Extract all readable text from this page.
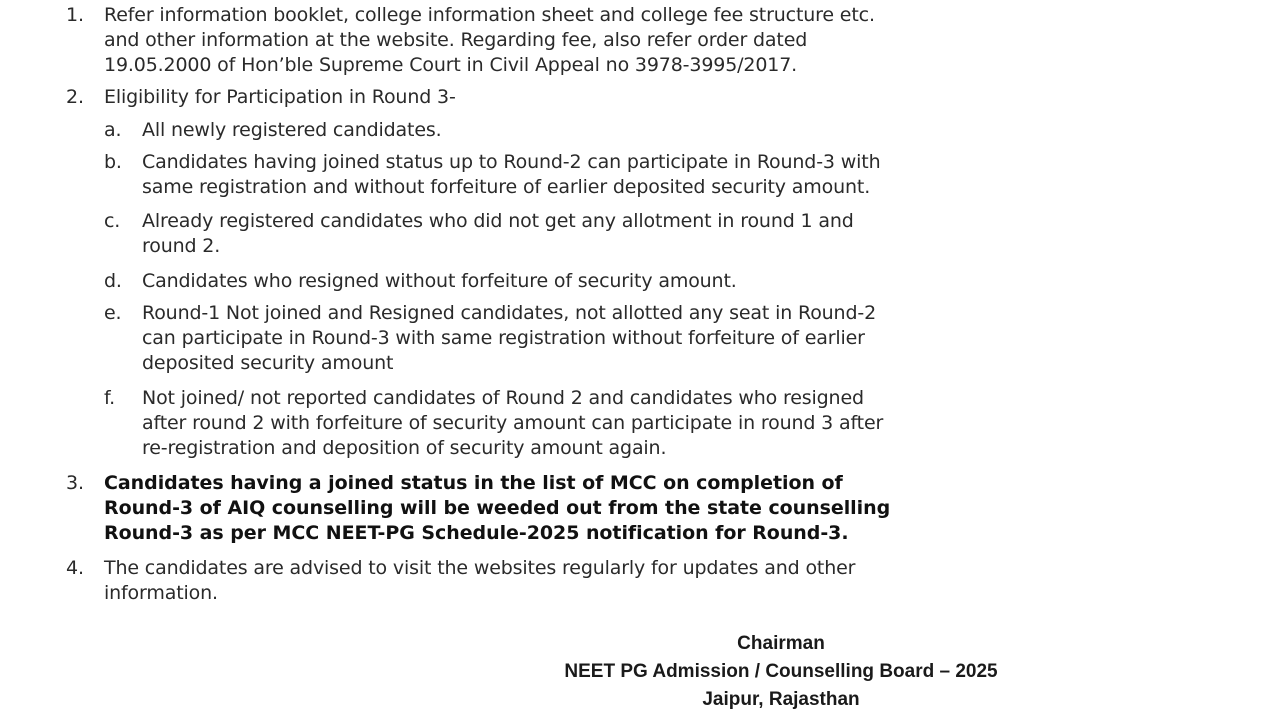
1. Refer information booklet, college information sheet and college fee structure etc.
and other information at the website. Regarding fee, also refer order dated
19.05.2000 of Hon’ble Supreme Court in Civil Appeal no 3978-3995/2017.
2. Eligibility for Participation in Round 3-
a. All newly registered candidates.
b. Candidates having joined status up to Round-2 can participate in Round-3 with
same registration and without forfeiture of earlier deposited security amount.
c. Already registered candidates who did not get any allotment in round 1 and
round 2.
d. Candidates who resigned without forfeiture of security amount.
e. Round-1 Not joined and Resigned candidates, not allotted any seat in Round-2
can participate in Round-3 with same registration without forfeiture of earlier
deposited security amount
f. Not joined/ not reported candidates of Round 2 and candidates who resigned
after round 2 with forfeiture of security amount can participate in round 3 after
re-registration and deposition of security amount again.
3. Candidates having a joined status in the list of MCC on completion of
Round-3 of AIQ counselling will be weeded out from the state counselling
Round-3 as per MCC NEET-PG Schedule-2025 notification for Round-3.
4. The candidates are advised to visit the websites regularly for updates and other
information.
Chairman
NEET PG Admission / Counselling Board – 2025
Jaipur, Rajasthan
